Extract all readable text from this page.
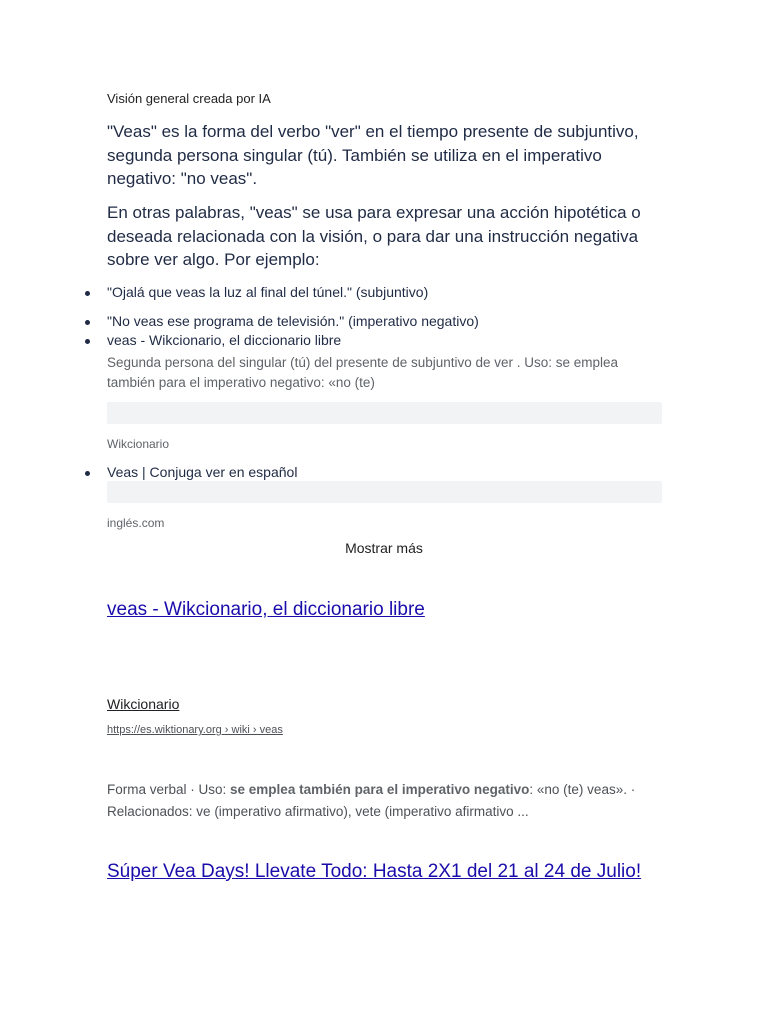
Visión general creada por IA
"Veas" es la forma del verbo "ver" en el tiempo presente de subjuntivo, segunda persona singular (tú). También se utiliza en el imperativo negativo: "no veas".
En otras palabras, "veas" se usa para expresar una acción hipotética o deseada relacionada con la visión, o para dar una instrucción negativa sobre ver algo. Por ejemplo:
"Ojalá que veas la luz al final del túnel." (subjuntivo)
"No veas ese programa de televisión." (imperativo negativo)
veas - Wikcionario, el diccionario libre
Segunda persona del singular (tú) del presente de subjuntivo de ver . Uso: se emplea también para el imperativo negativo: «no (te)
Wikcionario
Veas | Conjuga ver en español
inglés.com
Mostrar más
veas - Wikcionario, el diccionario libre
Wikcionario
https://es.wiktionary.org › wiki › veas
Forma verbal · Uso: se emplea también para el imperativo negativo: «no (te) veas». · Relacionados: ve (imperativo afirmativo), vete (imperativo afirmativo ...
Súper Vea Days! Llevate Todo: Hasta 2X1 del 21 al 24 de Julio!
